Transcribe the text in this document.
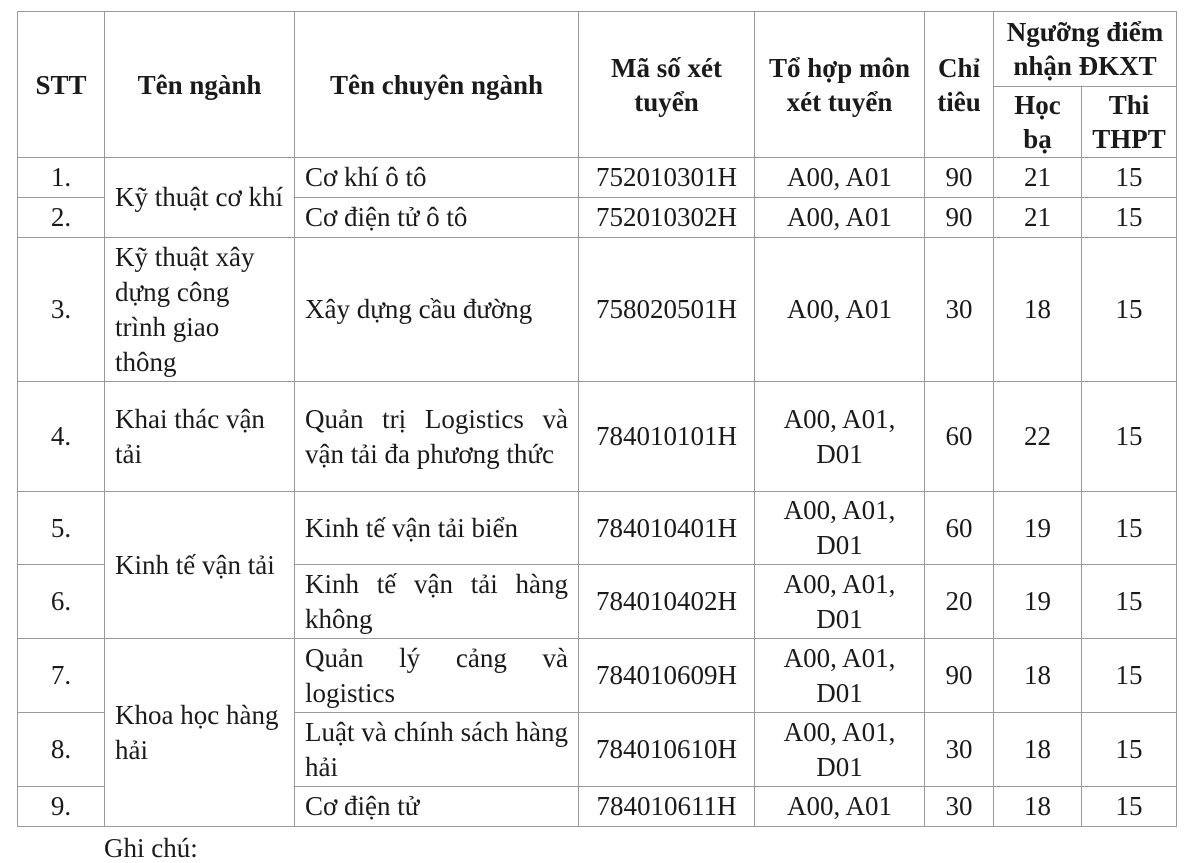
STT	Tên ngành	Tên chuyên ngành	Mã số xét tuyển	Tổ hợp môn xét tuyển	Chỉ tiêu	Ngưỡng điểm nhận ĐKXT	
						Học bạ	Thi THPT
1.	Kỹ thuật cơ khí	Cơ khí ô tô	752010301H	A00, A01	90	21	15
2.		Cơ điện tử ô tô	752010302H	A00, A01	90	21	15
3.	Kỹ thuật xây dựng công trình giao thông	Xây dựng cầu đường	758020501H	A00, A01	30	18	15
4.	Khai thác vận tải	Quản trị Logistics và vận tải đa phương thức	784010101H	A00, A01, D01	60	22	15
5.	Kinh tế vận tải	Kinh tế vận tải biển	784010401H	A00, A01, D01	60	19	15
6.		Kinh tế vận tải hàng không	784010402H	A00, A01, D01	20	19	15
7.	Khoa học hàng hải	Quản lý cảng và logistics	784010609H	A00, A01, D01	90	18	15
8.		Luật và chính sách hàng hải	784010610H	A00, A01, D01	30	18	15
9.		Cơ điện tử	784010611H	A00, A01	30	18	15
Ghi chú:
